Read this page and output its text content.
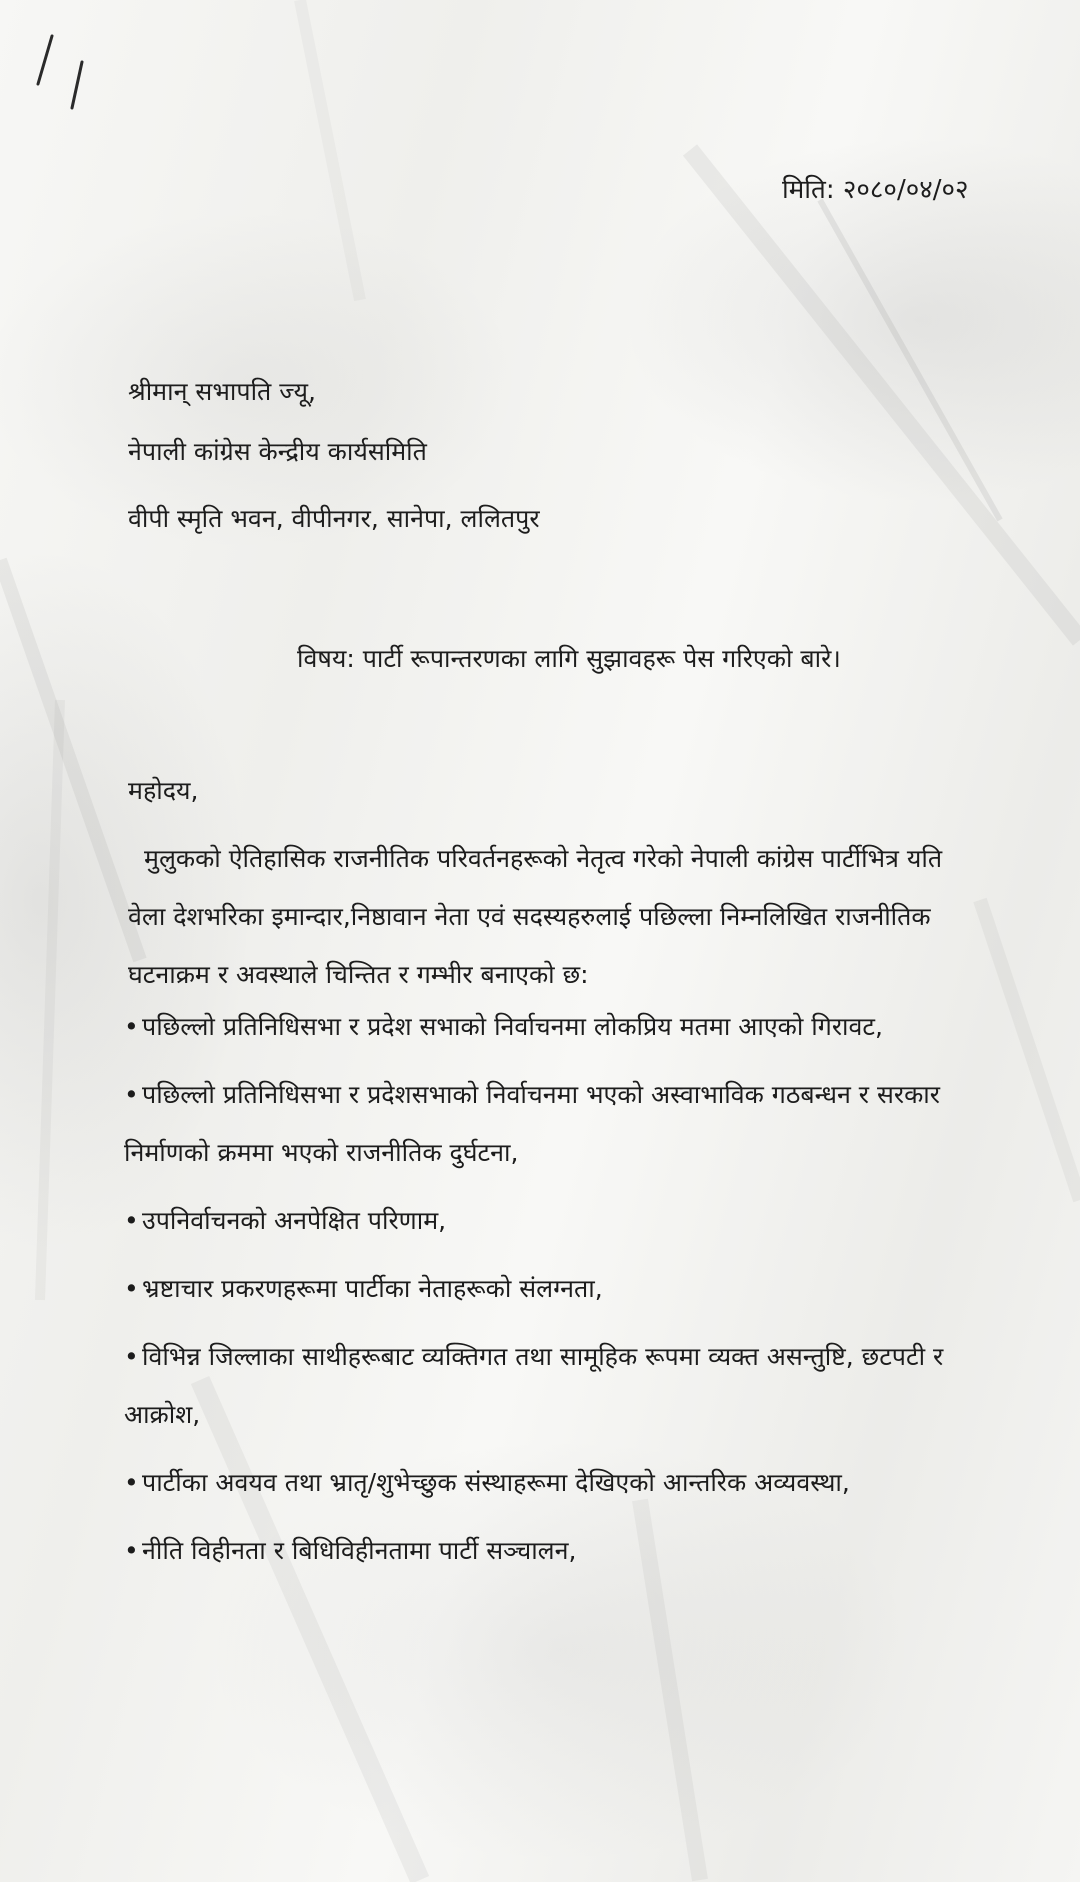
मिति: २०८०/०४/०२
श्रीमान् सभापति ज्यू,
नेपाली कांग्रेस केन्द्रीय कार्यसमिति
वीपी स्मृति भवन, वीपीनगर, सानेपा, ललितपुर
विषय: पार्टी रूपान्तरणका लागि सुझावहरू पेस गरिएको बारे।
महोदय,
मुलुकको ऐतिहासिक राजनीतिक परिवर्तनहरूको नेतृत्व गरेको नेपाली कांग्रेस पार्टीभित्र यति वेला देशभरिका इमान्दार,निष्ठावान नेता एवं सदस्यहरुलाई पछिल्ला निम्नलिखित राजनीतिक घटनाक्रम र अवस्थाले चिन्तित र गम्भीर बनाएको छ:
• पछिल्लो प्रतिनिधिसभा र प्रदेश सभाको निर्वाचनमा लोकप्रिय मतमा आएको गिरावट,
• पछिल्लो प्रतिनिधिसभा र प्रदेशसभाको निर्वाचनमा भएको अस्वाभाविक गठबन्धन र सरकार निर्माणको क्रममा भएको राजनीतिक दुर्घटना,
• उपनिर्वाचनको अनपेक्षित परिणाम,
• भ्रष्टाचार प्रकरणहरूमा पार्टीका नेताहरूको संलग्नता,
• विभिन्न जिल्लाका साथीहरूबाट व्यक्तिगत तथा सामूहिक रूपमा व्यक्त असन्तुष्टि, छटपटी र आक्रोश,
• पार्टीका अवयव तथा भ्रातृ/शुभेच्छुक संस्थाहरूमा देखिएको आन्तरिक अव्यवस्था,
• नीति विहीनता र बिधिविहीनतामा पार्टी सञ्चालन,
